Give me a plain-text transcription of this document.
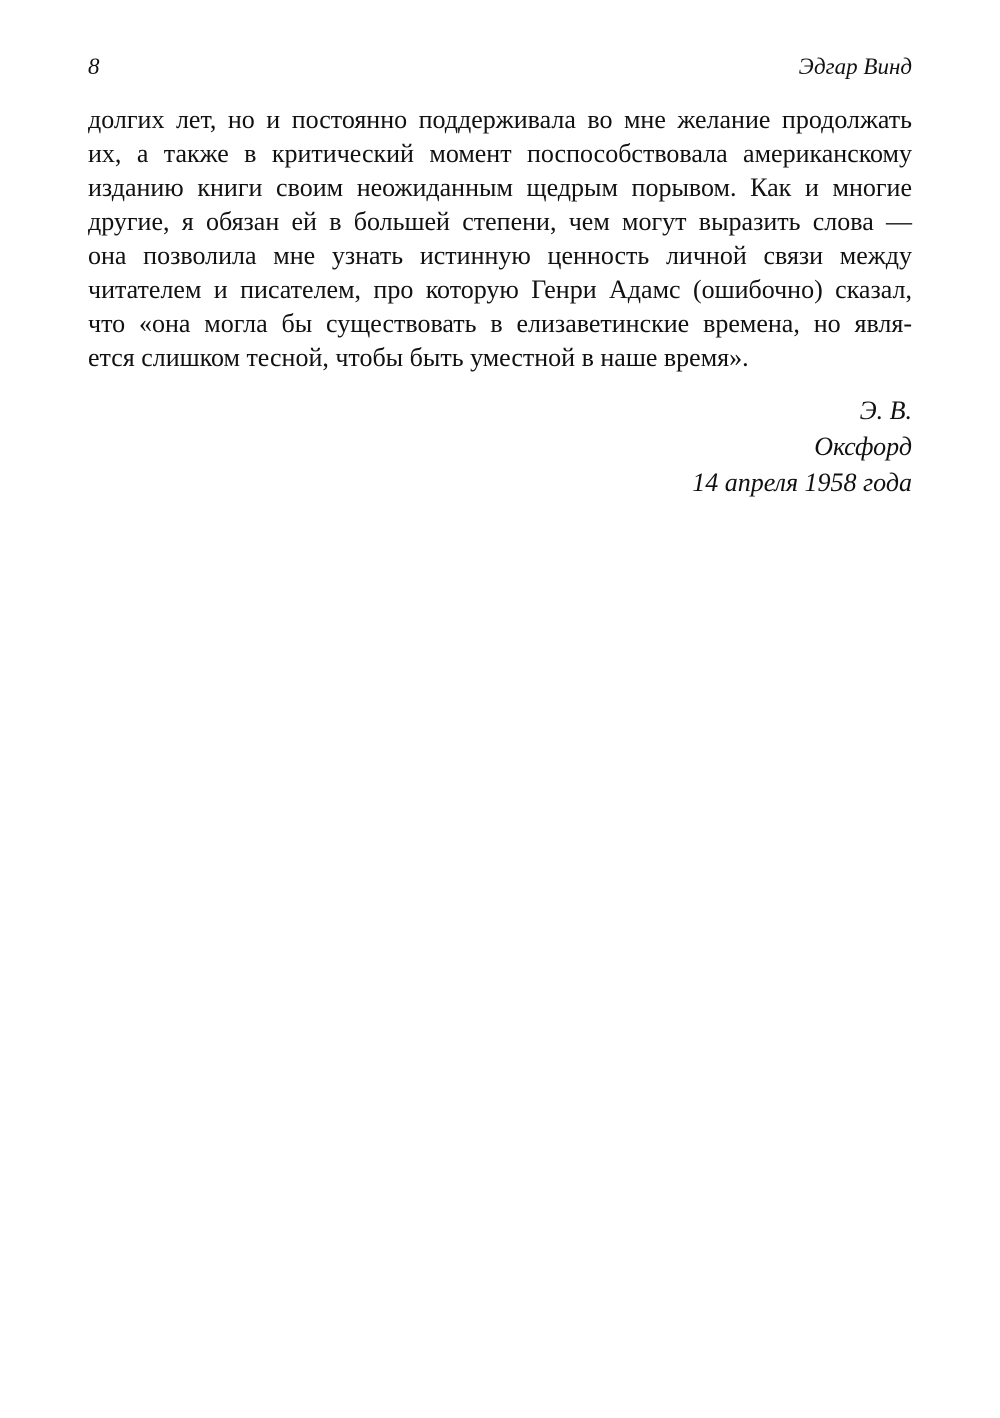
8	Эдгар Винд
долгих лет, но и постоянно поддерживала во мне желание продолжать
их, а также в критический момент поспособствовала американскому
изданию книги своим неожиданным щедрым порывом. Как и многие
другие, я обязан ей в большей степени, чем могут выразить слова —
она позволила мне узнать истинную ценность личной связи между
читателем и писателем, про которую Генри Адамс (ошибочно) сказал,
что «она могла бы существовать в елизаветинские времена, но явля-
ется слишком тесной, чтобы быть уместной в наше время».
Э. В.
Оксфорд
14 апреля 1958 года
